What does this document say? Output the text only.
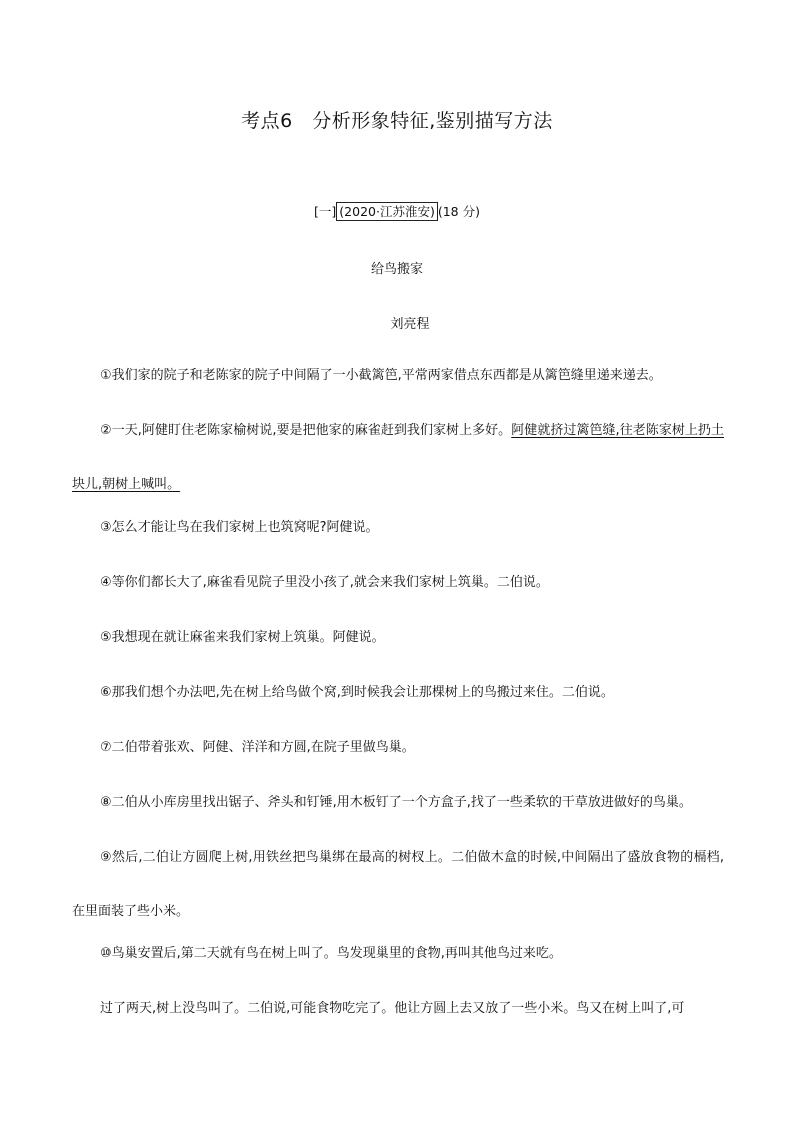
考点6　分析形象特征,鉴别描写方法
[一] (2020·江苏淮安) (18 分)
给鸟搬家
刘亮程
①我们家的院子和老陈家的院子中间隔了一小截篱笆,平常两家借点东西都是从篱笆缝里递来递去。
②一天,阿健盯住老陈家榆树说,要是把他家的麻雀赶到我们家树上多好。阿健就挤过篱笆缝,往老陈家树上扔土块儿,朝树上喊叫。
③怎么才能让鸟在我们家树上也筑窝呢?阿健说。
④等你们都长大了,麻雀看见院子里没小孩了,就会来我们家树上筑巢。二伯说。
⑤我想现在就让麻雀来我们家树上筑巢。阿健说。
⑥那我们想个办法吧,先在树上给鸟做个窝,到时候我会让那棵树上的鸟搬过来住。二伯说。
⑦二伯带着张欢、阿健、洋洋和方圆,在院子里做鸟巢。
⑧二伯从小库房里找出锯子、斧头和钉锤,用木板钉了一个方盒子,找了一些柔软的干草放进做好的鸟巢。
⑨然后,二伯让方圆爬上树,用铁丝把鸟巢绑在最高的树杈上。二伯做木盒的时候,中间隔出了盛放食物的槅档,在里面装了些小米。
⑩鸟巢安置后,第二天就有鸟在树上叫了。鸟发现巢里的食物,再叫其他鸟过来吃。
过了两天,树上没鸟叫了。二伯说,可能食物吃完了。他让方圆上去又放了一些小米。鸟又在树上叫了,可
